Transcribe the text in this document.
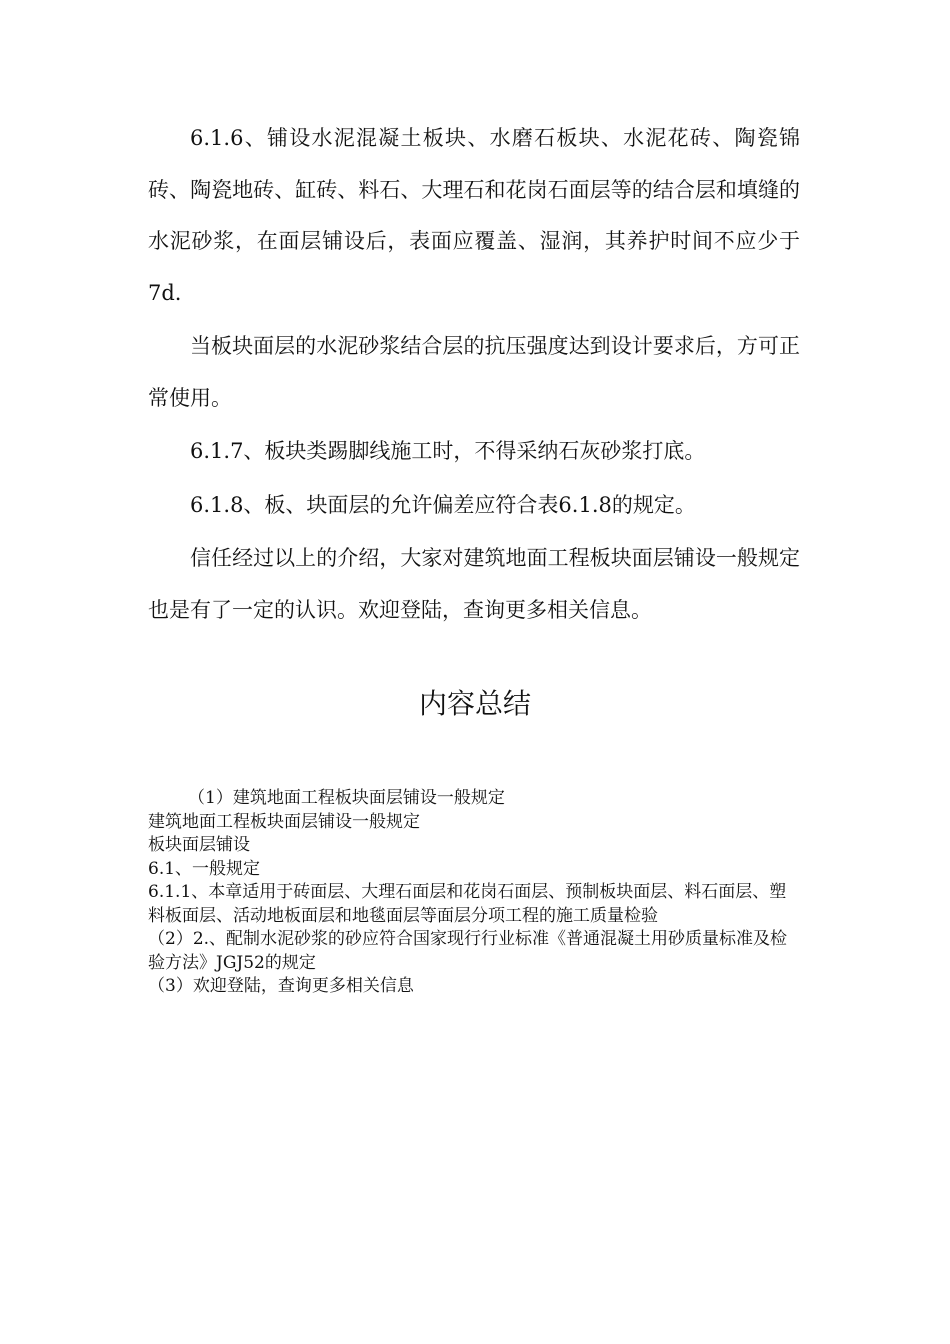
6.1.6、铺设水泥混凝土板块、水磨石板块、水泥花砖、陶瓷锦砖、陶瓷地砖、缸砖、料石、大理石和花岗石面层等的结合层和填缝的水泥砂浆，在面层铺设后，表面应覆盖、湿润，其养护时间不应少于7d.

当板块面层的水泥砂浆结合层的抗压强度达到设计要求后，方可正常使用。

6.1.7、板块类踢脚线施工时，不得采纳石灰砂浆打底。

6.1.8、板、块面层的允许偏差应符合表6.1.8的规定。

信任经过以上的介绍，大家对建筑地面工程板块面层铺设一般规定也是有了一定的认识。欢迎登陆，查询更多相关信息。

内容总结
（1）建筑地面工程板块面层铺设一般规定
建筑地面工程板块面层铺设一般规定
板块面层铺设
6.1、一般规定
6.1.1、本章适用于砖面层、大理石面层和花岗石面层、预制板块面层、料石面层、塑料板面层、活动地板面层和地毯面层等面层分项工程的施工质量检验
（2）2.、配制水泥砂浆的砂应符合国家现行行业标准《普通混凝土用砂质量标准及检验方法》JGJ52的规定
（3）欢迎登陆，查询更多相关信息
